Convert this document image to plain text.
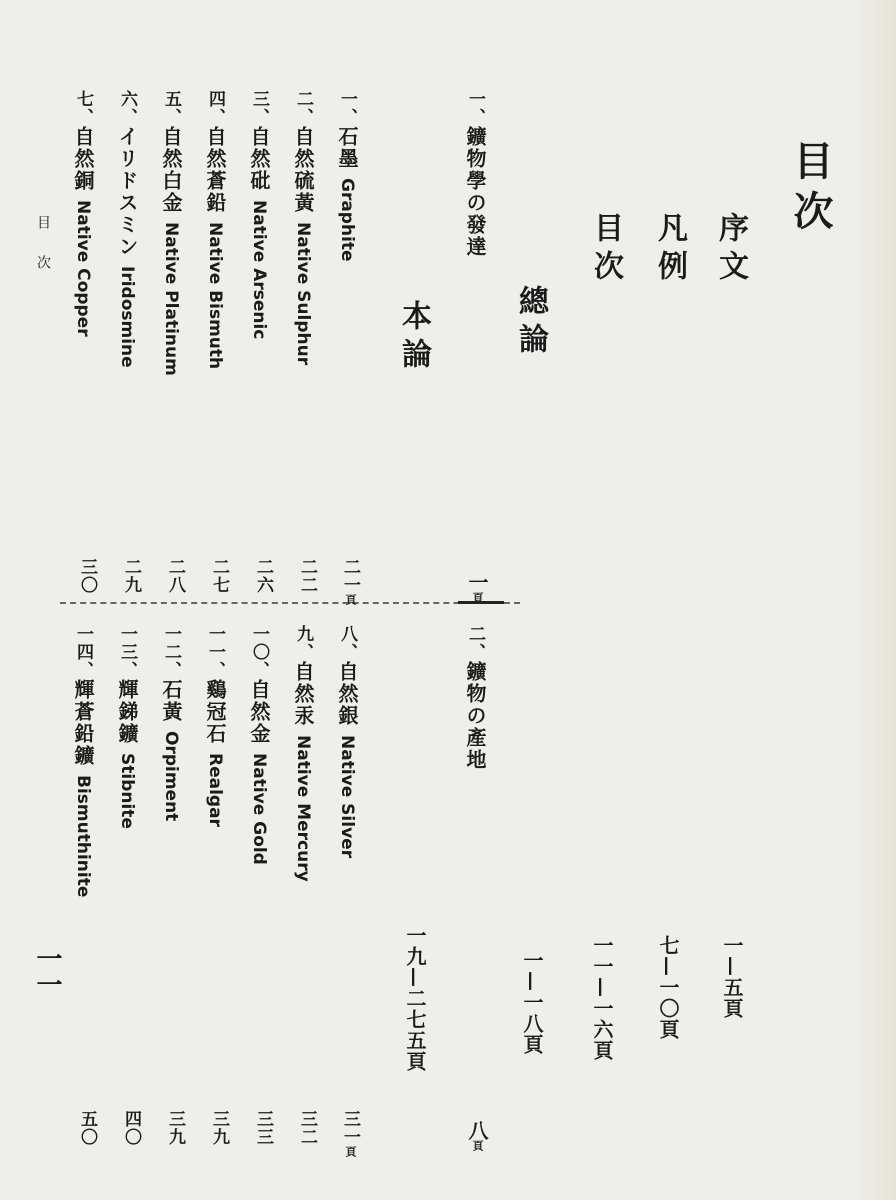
目次
序文
一—五頁
凡例
七—一〇頁
目次
一一—一六頁
總論
一—一八頁
一、鑛物學の發達
一頁
二、鑛物の產地
八頁
本論
一九—二七五頁
一、石墨Graphite
二一頁
二、自然硫黃Native Sulphur
二二
三、自然砒Native Arsenic
二六
四、自然蒼鉛Native Bismuth
二七
五、自然白金Native Platinum
二八
六、イリドスミンIridosmine
二九
七、自然銅Native Copper
三〇
八、自然銀Native Silver
三一頁
九、自然汞Native Mercury
三二
一〇、自然金Native Gold
三三
一一、鷄冠石Realgar
三九
一二、石黃Orpiment
三九
一三、輝銻鑛Stibnite
四〇
一四、輝蒼鉛鑛Bismuthinite
五〇
目次
一一
